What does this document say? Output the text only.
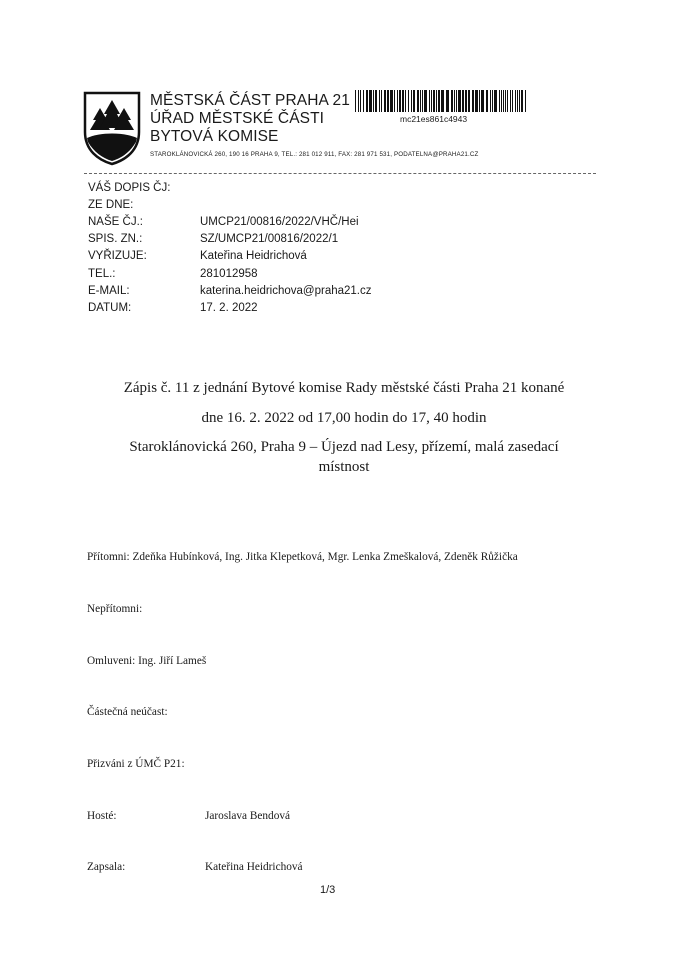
MĚSTSKÁ ČÁST PRAHA 21
ÚŘAD MĚSTSKÉ ČÁSTI
BYTOVÁ KOMISE
STAROKLÁNOVICKÁ 260, 190 16 PRAHA 9, TEL.: 281 012 911, FAX: 281 971 531, PODATELNA@PRAHA21.CZ
mc21es861c4943
VÁŠ DOPIS ČJ:
ZE DNE:
NAŠE ČJ.:	UMCP21/00816/2022/VHČ/Hei
SPIS. ZN.:	SZ/UMCP21/00816/2022/1
VYŘIZUJE:	Kateřina Heidrichová
TEL.:	281012958
E-MAIL:	katerina.heidrichova@praha21.cz
DATUM:	17. 2. 2022
Zápis č. 11 z jednání Bytové komise Rady městské části Praha 21 konané
dne 16. 2. 2022 od 17,00 hodin do 17, 40 hodin
Staroklánovická 260, Praha 9 – Újezd nad Lesy, přízemí, malá zasedací
místnost
Přítomni: Zdeňka Hubínková, Ing. Jitka Klepetková, Mgr. Lenka Zmeškalová, Zdeněk Růžička
Nepřítomni:
Omluveni: Ing. Jiří Lameš
Částečná neúčast:
Přizváni z ÚMČ P21:
Hosté:	Jaroslava Bendová
Zapsala:	Kateřina Heidrichová
1/3
